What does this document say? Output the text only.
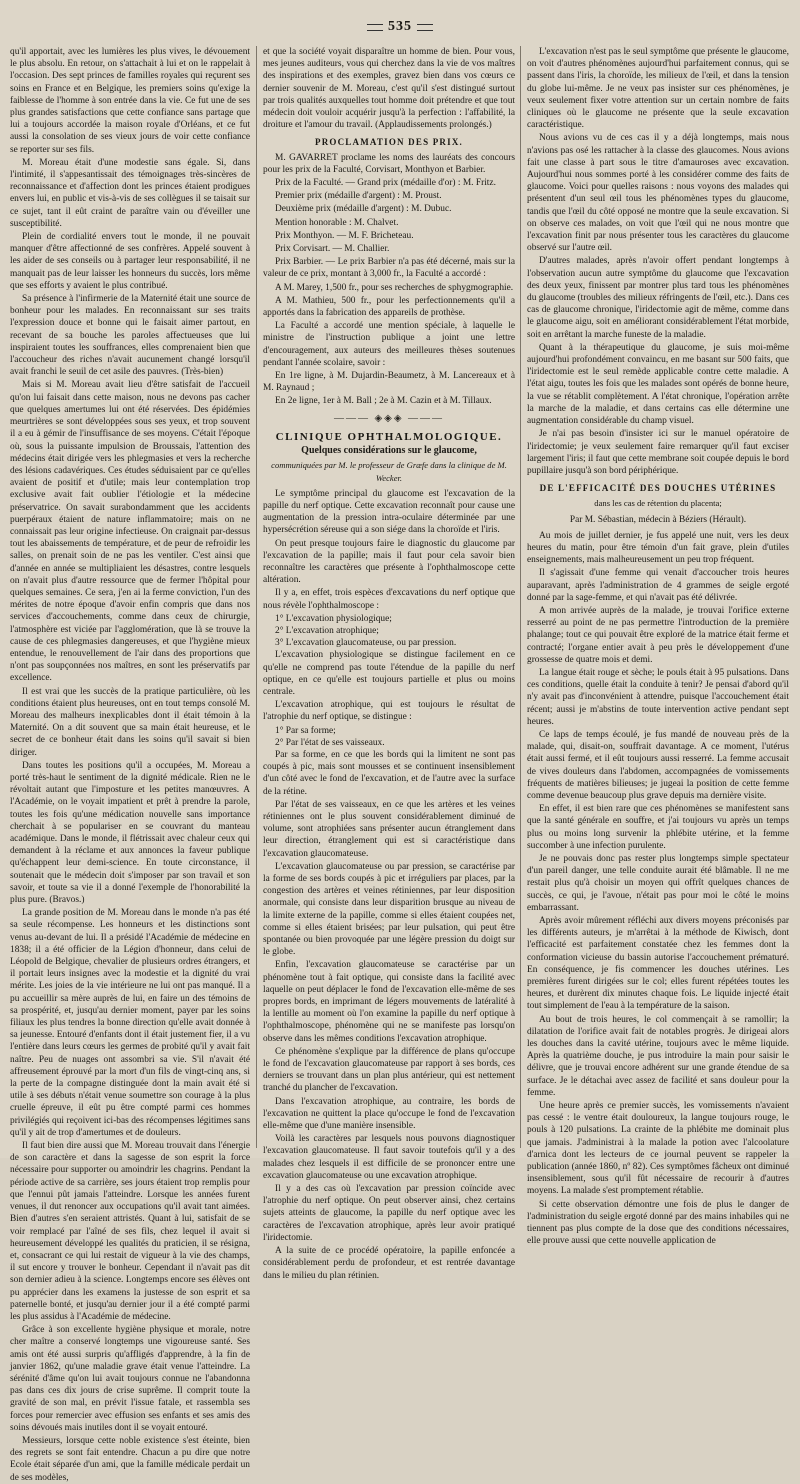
535

qu'il apportait, avec les lumières les plus vives, le dévouement le plus absolu. En retour, on s'attachait à lui et on le rappelait à l'occasion. Des sept princes de familles royales qui reçurent ses soins en France et en Belgique, les premiers soins qu'exige la faiblesse de l'homme à son entrée dans la vie. Ce fut une de ses plus grandes satisfactions que cette confiance sans partage que lui a toujours accordée la maison royale d'Orléans, et ce fut aussi la consolation de ses vieux jours de voir cette confiance se reporter sur ses fils.

M. Moreau était d'une modestie sans égale. Si, dans l'intimité, il s'appesantissait des témoignages très-sincères de reconnaissance et d'affection dont les princes étaient prodigues envers lui, en public et vis-à-vis de ses collègues il se taisait sur ce sujet, tant il eût craint de paraître vain ou d'éveiller une susceptibilité.

Plein de cordialité envers tout le monde, il ne pouvait manquer d'être affectionné de ses confrères. Appelé souvent à les aider de ses conseils ou à partager leur responsabilité, il ne manquait pas de leur laisser les honneurs du succès, lors même que ses efforts y avaient le plus contribué.

Sa présence à l'infirmerie de la Maternité était une source de bonheur pour les malades. En reconnaissant sur ses traits l'expression douce et bonne qui le faisait aimer partout, en recevant de sa bouche les paroles affectueuses que lui inspiraient toutes les souffrances, elles comprenaient bien que l'accoucheur des riches n'avait aucunement changé lorsqu'il avait franchi le seuil de cet asile des pauvres. (Très-bien)

Mais si M. Moreau avait lieu d'être satisfait de l'accueil qu'on lui faisait dans cette maison, nous ne devons pas cacher que quelques amertumes lui ont été réservées. Des épidémies meurtrières se sont développées sous ses yeux, et trop souvent il a eu à gémir de l'insuffisance de ses moyens. C'était l'époque où, sous la puissante impulsion de Broussais, l'attention des médecins était dirigée vers les phlegmasies et vers la recherche des lésions cadavériques. Ces études séduisaient par ce qu'elles avaient de positif et d'utile; mais leur contemplation trop exclusive avait fait oublier l'étiologie et la médecine préservatrice. On savait surabondamment que les accidents puerpéraux étaient de nature inflammatoire; mais on ne connaissait pas leur origine infectieuse. On craignait par-dessus tout les abaissements de température, et de peur de refroidir les salles, on prenait soin de ne pas les ventiler. C'est ainsi que d'année en année se multipliaient les désastres, contre lesquels on n'avait plus d'autre ressource que de fermer l'hôpital pour quelques semaines. Ce sera, j'en ai la ferme conviction, l'un des mérites de notre époque d'avoir enfin compris que dans nos services d'accouchements, comme dans ceux de chirurgie, l'atmosphère est viciée par l'agglomération, que là se trouve la cause de ces phlegmasies dangereuses, et que l'hygiène mieux entendue, le renouvellement de l'air dans des proportions que n'ont pas soupçonnées nos maîtres, en sont les préservatifs par excellence.

Il est vrai que les succès de la pratique particulière, où les conditions étaient plus heureuses, ont en tout temps consolé M. Moreau des malheurs inexplicables dont il était témoin à la Maternité. On a dit souvent que sa main était heureuse, et le secret de ce bonheur était dans les soins qu'il savait si bien diriger.

Dans toutes les positions qu'il a occupées, M. Moreau a porté très-haut le sentiment de la dignité médicale. Rien ne le révoltait autant que l'imposture et les petites manœuvres. A l'Académie, on le voyait impatient et prêt à prendre la parole, toutes les fois qu'une médication nouvelle sans importance cherchait à se populariser en se couvrant du manteau académique. Dans le monde, il flétrissait avec chaleur ceux qui demandent à la réclame et aux annonces la faveur publique qu'échappent leur demi-science. En toute circonstance, il soutenait que le médecin doit s'imposer par son travail et son savoir, et toute sa vie il a donné l'exemple de l'honorabilité la plus pure. (Bravos.)

La grande position de M. Moreau dans le monde n'a pas été sa seule récompense. Les honneurs et les distinctions sont venus au-devant de lui. Il a présidé l'Académie de médecine en 1838; il a été officier de la Légion d'honneur, dans celui de Léopold de Belgique, chevalier de plusieurs ordres étrangers, et il portait leurs insignes avec la modestie et la dignité du vrai mérite. Les joies de la vie intérieure ne lui ont pas manqué. Il a pu accueillir sa mère auprès de lui, en faire un des témoins de sa prospérité, et, jusqu'au dernier moment, payer par les soins filiaux les plus tendres la bonne direction qu'elle avait donnée à sa jeunesse. Entouré d'enfants dont il était justement fier, il a vu l'entière dans leurs cœurs les germes de probité qu'il y avait fait naître. Peu de nuages ont assombri sa vie. S'il n'avait été affreusement éprouvé par la mort d'un fils de vingt-cinq ans, si la perte de la compagne distinguée dont la main avait été si utile à ses débuts n'était venue soumettre son courage à la plus cruelle épreuve, il eût pu être compté parmi ces hommes privilégiés qui reçoivent ici-bas des récompenses légitimes sans qu'il y ait de trop d'amertumes et de douleurs.

Il faut bien dire aussi que M. Moreau trouvait dans l'énergie de son caractère et dans la sagesse de son esprit la force nécessaire pour supporter ou amoindrir les chagrins. Pendant la période active de sa carrière, ses jours étaient trop remplis pour que l'ennui pût jamais l'atteindre. Lorsque les années furent venues, il dut renoncer aux occupations qu'il avait tant aimées. Bien d'autres s'en seraient attristés. Quant à lui, satisfait de se voir remplacé par l'aîné de ses fils, chez lequel il avait si heureusement développé les qualités du praticien, il se résigna, et, consacrant ce qui lui restait de vigueur à la vie des champs, il sut encore y trouver le bonheur. Cependant il n'avait pas dit son dernier adieu à la science. Longtemps encore ses élèves ont pu apprécier dans les examens la justesse de son esprit et sa paternelle bonté, et jusqu'au dernier jour il a été compté parmi les plus assidus à l'Académie de médecine.

Grâce à son excellente hygiène physique et morale, notre cher maître a conservé longtemps une vigoureuse santé. Ses amis ont été aussi surpris qu'affligés d'apprendre, à la fin de janvier 1862, qu'une maladie grave était venue l'atteindre. La sérénité d'âme qu'on lui avait toujours connue ne l'abandonna pas dans ces dix jours de crise suprême. Il comprit toute la gravité de son mal, en prévit l'issue fatale, et rassembla ses forces pour remercier avec effusion ses enfants et ses amis des soins dévoués mais inutiles dont il se voyait entouré.

Messieurs, lorsque cette noble existence s'est éteinte, bien des regrets se sont fait entendre. Chacun a pu dire que notre Ecole était séparée d'un ami, que la famille médicale perdait un de ses modèles,

et que la société voyait disparaître un homme de bien. Pour vous, mes jeunes auditeurs, vous qui cherchez dans la vie de vos maîtres des inspirations et des exemples, gravez bien dans vos cœurs ce dernier souvenir de M. Moreau, c'est qu'il s'est distingué surtout par trois qualités auxquelles tout homme doit prétendre et que tout médecin doit vouloir acquérir jusqu'à la perfection : l'affabilité, la droiture et l'amour du travail. (Applaudissements prolongés.)

PROCLAMATION DES PRIX.

M. GAVARRET proclame les noms des lauréats des concours pour les prix de la Faculté, Corvisart, Monthyon et Barbier.

Prix de la Faculté. — Grand prix (médaille d'or) : M. Fritz.

Premier prix (médaille d'argent) : M. Proust.

Deuxième prix (médaille d'argent) : M. Dubuc.

Mention honorable : M. Chalvet.

Prix Monthyon. — M. F. Bricheteau.

Prix Corvisart. — M. Challier.

Prix Barbier. — Le prix Barbier n'a pas été décerné, mais sur la valeur de ce prix, montant à 3,000 fr., la Faculté a accordé :

A M. Marey, 1,500 fr., pour ses recherches de sphygmographie.

A M. Mathieu, 500 fr., pour les perfectionnements qu'il a apportés dans la fabrication des appareils de prothèse.

La Faculté a accordé une mention spéciale, à laquelle le ministre de l'instruction publique a joint une lettre d'encouragement, aux auteurs des meilleures thèses soutenues pendant l'année scolaire, savoir :

En 1re ligne, à M. Dujardin-Beaumetz, à M. Lancereaux et à M. Raynaud ;

En 2e ligne, 1er à M. Ball ; 2e à M. Cazin et à M. Tillaux.

——— ◈◈◈ ———
CLINIQUE OPHTHALMOLOGIQUE.
Quelques considérations sur le glaucome,
communiquées par M. le professeur de Græfe dans la clinique de M. Wecker.

Le symptôme principal du glaucome est l'excavation de la papille du nerf optique. Cette excavation reconnaît pour cause une augmentation de la pression intra-oculaire déterminée par une hypersécrétion séreuse qui a son siége dans la choroïde et l'iris.

On peut presque toujours faire le diagnostic du glaucome par l'excavation de la papille; mais il faut pour cela savoir bien reconnaître les caractères que présente à l'ophthalmoscope cette altération.

Il y a, en effet, trois espèces d'excavations du nerf optique que nous révèle l'ophthalmoscope :

1° L'excavation physiologique;
2° L'excavation atrophique;
3° L'excavation glaucomateuse, ou par pression.

L'excavation physiologique se distingue facilement en ce qu'elle ne comprend pas toute l'étendue de la papille du nerf optique, en ce qu'elle est toujours partielle et plus ou moins centrale.

L'excavation atrophique, qui est toujours le résultat de l'atrophie du nerf optique, se distingue :

1° Par sa forme;
2° Par l'état de ses vaisseaux.

Par sa forme, en ce que les bords qui la limitent ne sont pas coupés à pic, mais sont mousses et se continuent insensiblement d'un côté avec le fond de l'excavation, et de l'autre avec la surface de la rétine.

Par l'état de ses vaisseaux, en ce que les artères et les veines rétiniennes ont le plus souvent considérablement diminué de volume, sont atrophiées sans présenter aucun étranglement dans leur direction, étranglement qui est si caractéristique dans l'excavation glaucomateuse.

L'excavation glaucomateuse ou par pression, se caractérise par la forme de ses bords coupés à pic et irréguliers par places, par la congestion des artères et veines rétiniennes, par leur disposition anormale, qui consiste dans leur disparition brusque au niveau de la limite externe de la papille, comme si elles étaient coupées net, comme si elles étaient brisées; par leur pulsation, qui peut être spontanée ou bien provoquée par une légère pression du doigt sur le globe.

Enfin, l'excavation glaucomateuse se caractérise par un phénomène tout à fait optique, qui consiste dans la facilité avec laquelle on peut déplacer le fond de l'excavation elle-même de ses propres bords, en imprimant de légers mouvements de latéralité à la lentille au moment où l'on examine la papille du nerf optique à l'ophthalmoscope, phénomène qui ne se manifeste pas lorsqu'on observe dans les mêmes conditions l'excavation atrophique.

Ce phénomène s'explique par la différence de plans qu'occupe le fond de l'excavation glaucomateuse par rapport à ses bords, ces derniers se trouvant dans un plan plus antérieur, qui est nettement tranché du plancher de l'excavation.

Dans l'excavation atrophique, au contraire, les bords de l'excavation ne quittent la place qu'occupe le fond de l'excavation elle-même que d'une manière insensible.

Voilà les caractères par lesquels nous pouvons diagnostiquer l'excavation glaucomateuse. Il faut savoir toutefois qu'il y a des malades chez lesquels il est difficile de se prononcer entre une excavation glaucomateuse ou une excavation atrophique.

Il y a des cas où l'excavation par pression coïncide avec l'atrophie du nerf optique. On peut observer ainsi, chez certains sujets atteints de glaucome, la papille du nerf optique avec les caractères de l'excavation atrophique, après leur avoir pratiqué l'iridectomie.

A la suite de ce procédé opératoire, la papille enfoncée a considérablement perdu de profondeur, et est rentrée davantage dans le milieu du plan rétinien.

L'excavation n'est pas le seul symptôme que présente le glaucome, on voit d'autres phénomènes aujourd'hui parfaitement connus, qui se passent dans l'iris, la choroïde, les milieux de l'œil, et dans la tension du globe lui-même. Je ne veux pas insister sur ces phénomènes, je veux seulement fixer votre attention sur un certain nombre de faits cliniques où le glaucome ne présente que la seule excavation caractéristique.

Nous avions vu de ces cas il y a déjà longtemps, mais nous n'avions pas osé les rattacher à la classe des glaucomes. Nous avions fait une classe à part sous le titre d'amauroses avec excavation. Aujourd'hui nous sommes porté à les considérer comme des faits de glaucome. Voici pour quelles raisons : nous voyons des malades qui présentent d'un seul œil tous les phénomènes types du glaucome, tandis que l'œil du côté opposé ne montre que la seule excavation. Si on observe ces malades, on voit que l'œil qui ne nous montre que l'excavation finit par nous présenter tous les caractères du glaucome observé sur l'autre œil.

D'autres malades, après n'avoir offert pendant longtemps à l'observation aucun autre symptôme du glaucome que l'excavation des deux yeux, finissent par montrer plus tard tous les phénomènes du glaucome (troubles des milieux réfringents de l'œil, etc.). Dans ces cas de glaucome chronique, l'iridectomie agit de même, comme dans le glaucome aigu, soit en améliorant considérablement l'état morbide, soit en arrêtant la marche funeste de la maladie.

Quant à la thérapeutique du glaucome, je suis moi-même aujourd'hui profondément convaincu, en me basant sur 500 faits, que l'iridectomie est le seul remède applicable contre cette maladie. A l'état aigu, toutes les fois que les malades sont opérés de bonne heure, la vue se rétablit complètement. A l'état chronique, l'opération arrête la marche de la maladie, et dans certains cas elle détermine une augmentation considérable du champ visuel.

Je n'ai pas besoin d'insister ici sur le manuel opératoire de l'iridectomie; je veux seulement faire remarquer qu'il faut exciser largement l'iris; il faut que cette membrane soit coupée depuis le bord pupillaire jusqu'à son bord périphérique.

DE L'EFFICACITÉ DES DOUCHES UTÉRINES
dans les cas de rétention du placenta;
Par M. Sébastian, médecin à Béziers (Hérault).

Au mois de juillet dernier, je fus appelé une nuit, vers les deux heures du matin, pour être témoin d'un fait grave, plein d'utiles enseignements, mais malheureusement un peu trop fréquent.

Il s'agissait d'une femme qui venait d'accoucher trois heures auparavant, après l'administration de 4 grammes de seigle ergoté donné par la sage-femme, et qui n'avait pas été délivrée.

A mon arrivée auprès de la malade, je trouvai l'orifice externe resserré au point de ne pas permettre l'introduction de la première phalange; tout ce qui pouvait être exploré de la matrice était ferme et contracté; l'organe entier avait à peu près le développement d'une grossesse de quatre mois et demi.

La langue était rouge et sèche; le pouls était à 95 pulsations. Dans ces conditions, quelle était la conduite à tenir? Je pensai d'abord qu'il n'y avait pas d'inconvénient à attendre, puisque l'accouchement était récent; aussi je m'abstins de toute intervention active pendant sept heures.

Ce laps de temps écoulé, je fus mandé de nouveau près de la malade, qui, disait-on, souffrait davantage. A ce moment, l'utérus était aussi fermé, et il eût toujours aussi resserré. La femme accusait de vives douleurs dans l'abdomen, accompagnées de vomissements fréquents de matières bilieuses; je jugeai la position de cette femme comme devenue beaucoup plus grave depuis ma dernière visite.

En effet, il est bien rare que ces phénomènes se manifestent sans que la santé générale en souffre, et j'ai toujours vu après un temps plus ou moins long survenir la phlébite utérine, et la femme succomber à une infection purulente.

Je ne pouvais donc pas rester plus longtemps simple spectateur d'un pareil danger, une telle conduite aurait été blâmable. Il ne me restait plus qu'à choisir un moyen qui offrît quelques chances de succès, ce qui, je l'avoue, n'était pas pour moi le côté le moins embarrassant.

Après avoir mûrement réfléchi aux divers moyens préconisés par les différents auteurs, je m'arrêtai à la méthode de Kiwisch, dont l'efficacité est parfaitement constatée chez les femmes dont la conformation vicieuse du bassin autorise l'accouchement prématuré. En conséquence, je fis commencer les douches utérines. Les premières furent dirigées sur le col; elles furent répétées toutes les heures, et durèrent dix minutes chaque fois. Le liquide injecté était tout simplement de l'eau à la température de la saison.

Au bout de trois heures, le col commençait à se ramollir; la dilatation de l'orifice avait fait de notables progrès. Je dirigeai alors les douches dans la cavité utérine, toujours avec le même liquide. Après la quatrième douche, je pus introduire la main pour saisir le délivre, que je trouvai encore adhérent sur une grande étendue de sa surface. Je le détachai avec assez de facilité et sans douleur pour la femme.

Une heure après ce premier succès, les vomissements n'avaient pas cessé : le ventre était douloureux, la langue toujours rouge, le pouls à 120 pulsations. La crainte de la phlébite me dominait plus que jamais. J'administrai à la malade la potion avec l'alcoolature d'arnica dont les lecteurs de ce journal peuvent se rappeler la publication (année 1860, nº 82). Ces symptômes fâcheux ont diminué insensiblement, sous qu'il fût nécessaire de recourir à d'autres moyens. La malade s'est promptement rétablie.

Si cette observation démontre une fois de plus le danger de l'administration du seigle ergoté donné par des mains inhabiles qui ne tiennent pas plus compte de la dose que des conditions nécessaires, elle prouve aussi que cette nouvelle application de
